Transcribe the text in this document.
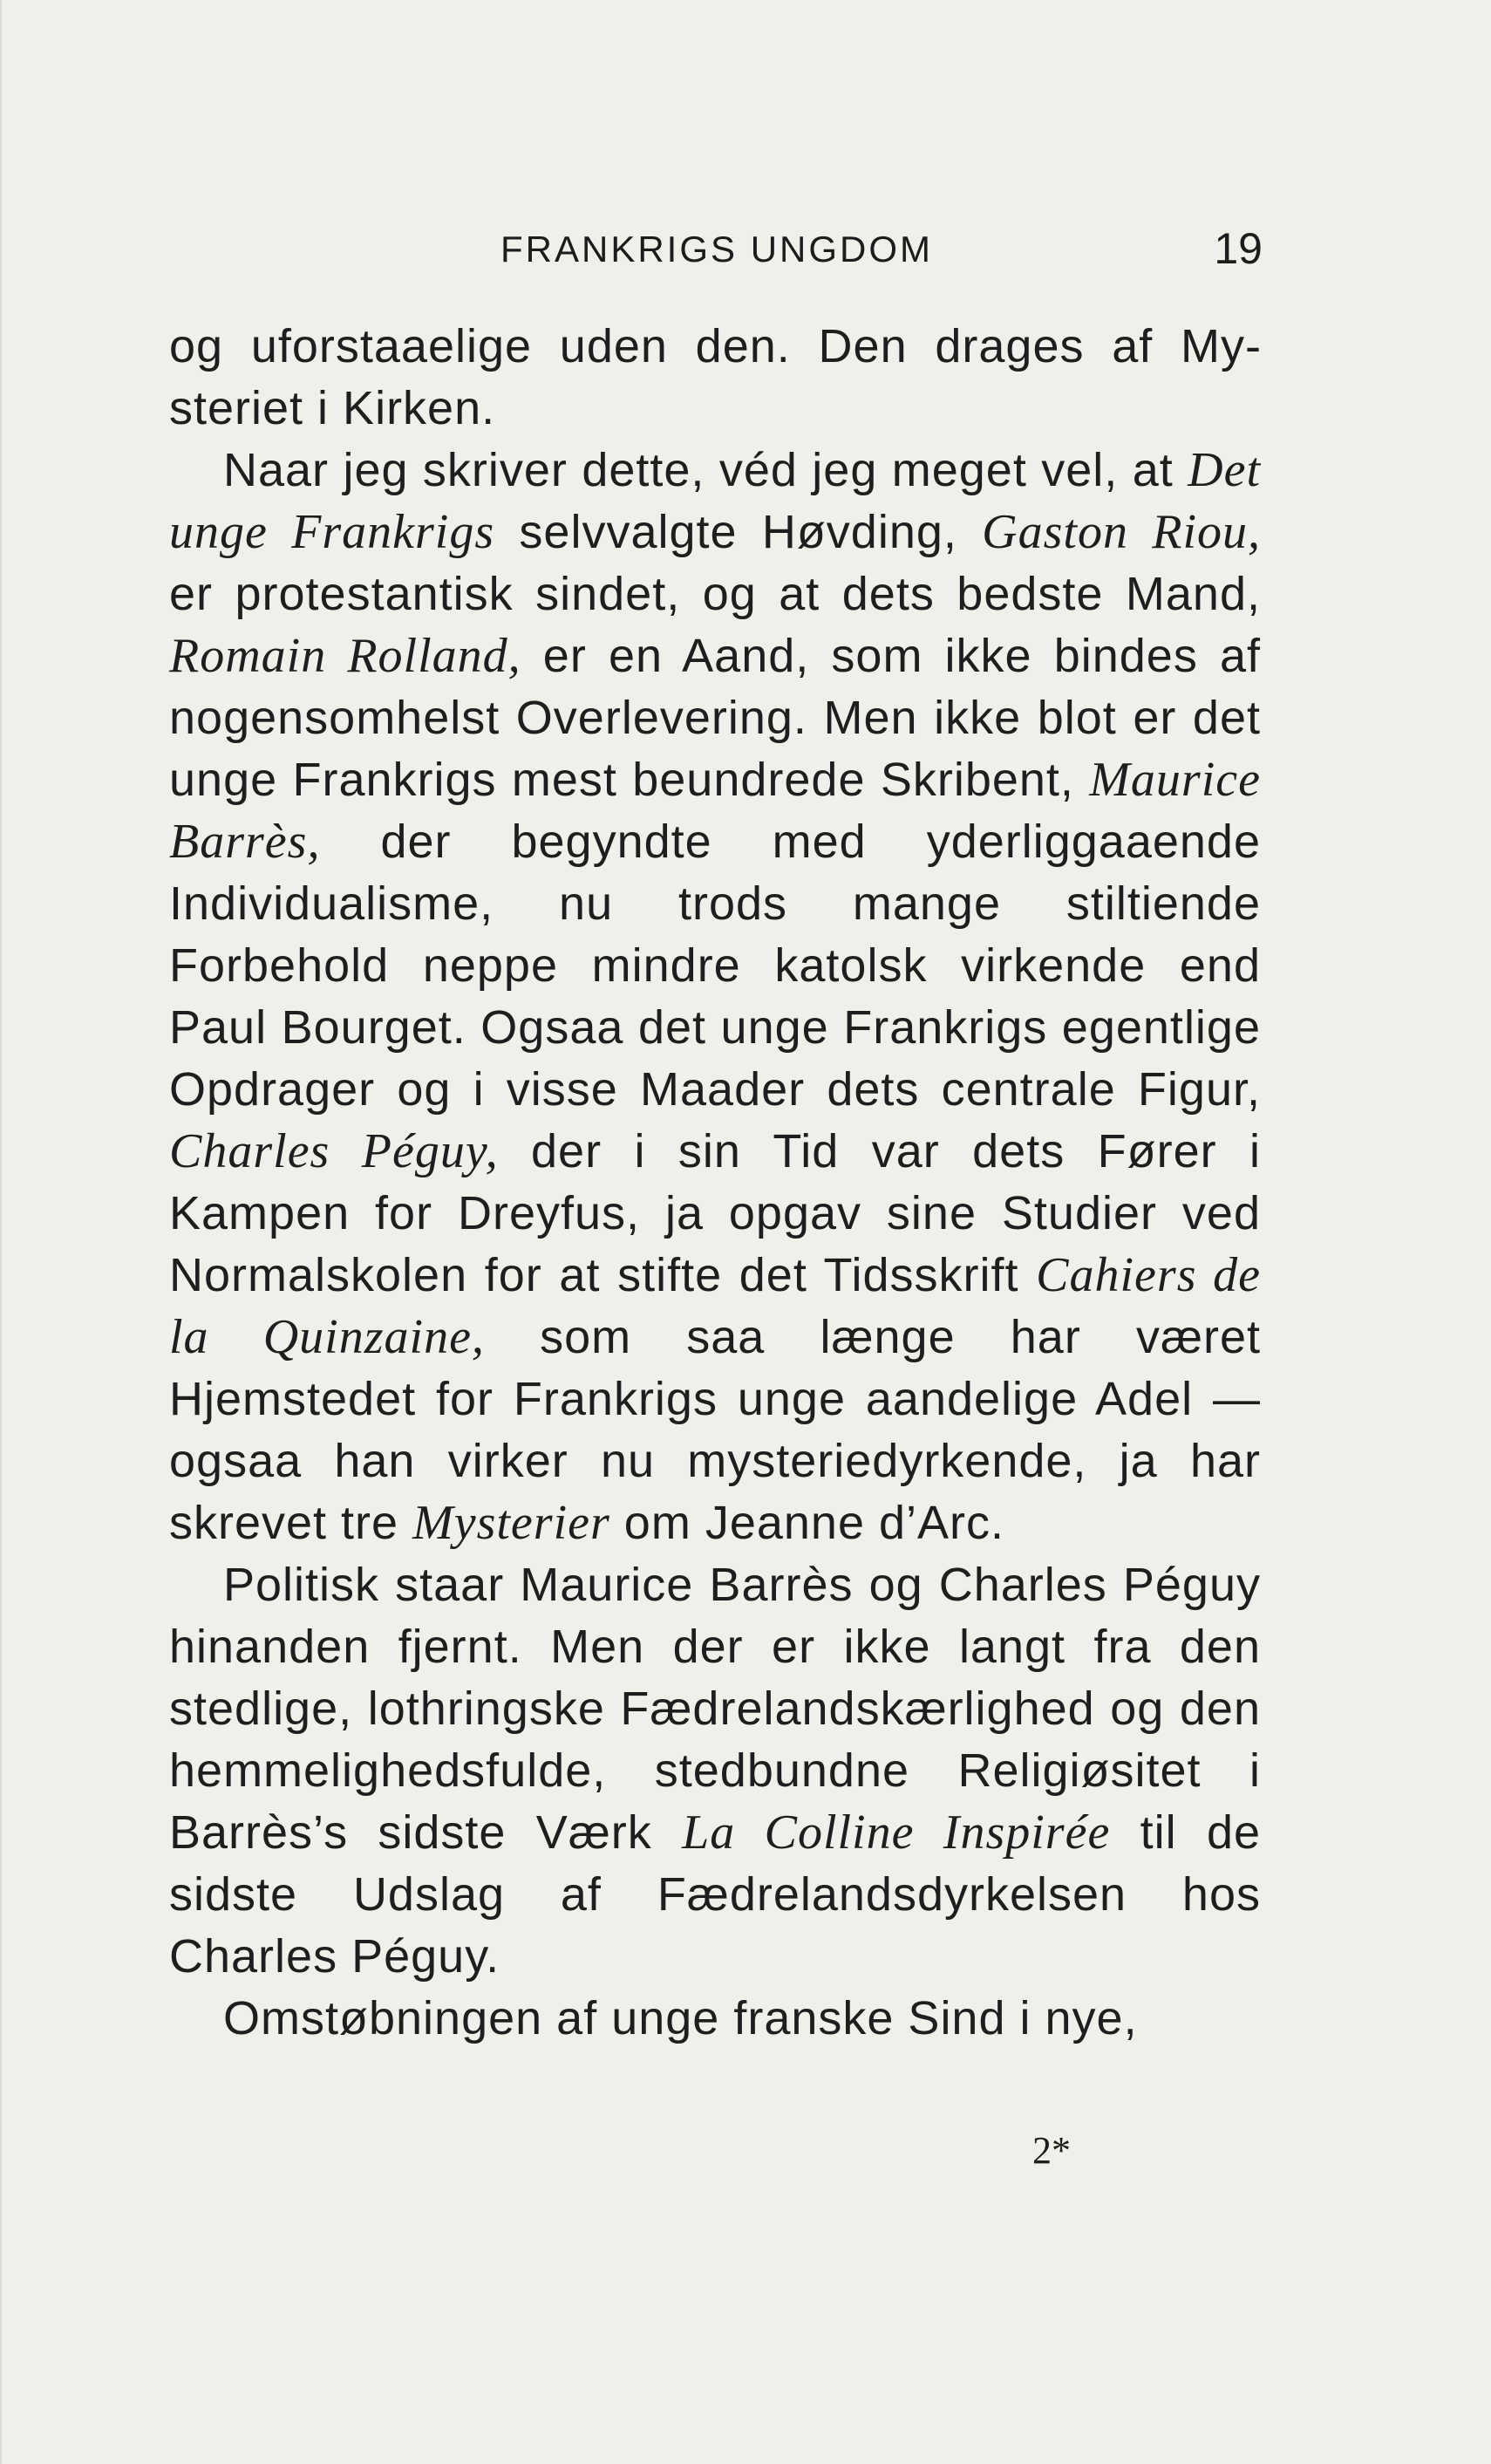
FRANKRIGS UNGDOM	19

og uforstaaelige uden den. Den drages af Mysteriet i Kirken.

Naar jeg skriver dette, véd jeg meget vel, at Det unge Frankrigs selvvalgte Høvding, Gaston Riou, er protestantisk sindet, og at dets bedste Mand, Romain Rolland, er en Aand, som ikke bindes af nogensomhelst Overlevering. Men ikke blot er det unge Frankrigs mest beundrede Skribent, Maurice Barrès, der begyndte med yderliggaaende Individualisme, nu trods mange stiltiende Forbehold neppe mindre katolsk virkende end Paul Bourget. Ogsaa det unge Frankrigs egentlige Opdrager og i visse Maader dets centrale Figur, Charles Péguy, der i sin Tid var dets Fører i Kampen for Dreyfus, ja opgav sine Studier ved Normalskolen for at stifte det Tidsskrift Cahiers de la Quinzaine, som saa længe har været Hjemstedet for Frankrigs unge aandelige Adel — ogsaa han virker nu mysteriedyrkende, ja har skrevet tre Mysterier om Jeanne d’Arc.

Politisk staar Maurice Barrès og Charles Péguy hinanden fjernt. Men der er ikke langt fra den stedlige, lothringske Fædrelandskærlighed og den hemmelighedsfulde, stedbundne Religiøsitet i Barrès’s sidste Værk La Colline Inspirée til de sidste Udslag af Fædrelandsdyrkelsen hos Charles Péguy.

Omstøbningen af unge franske Sind i nye,

2*
